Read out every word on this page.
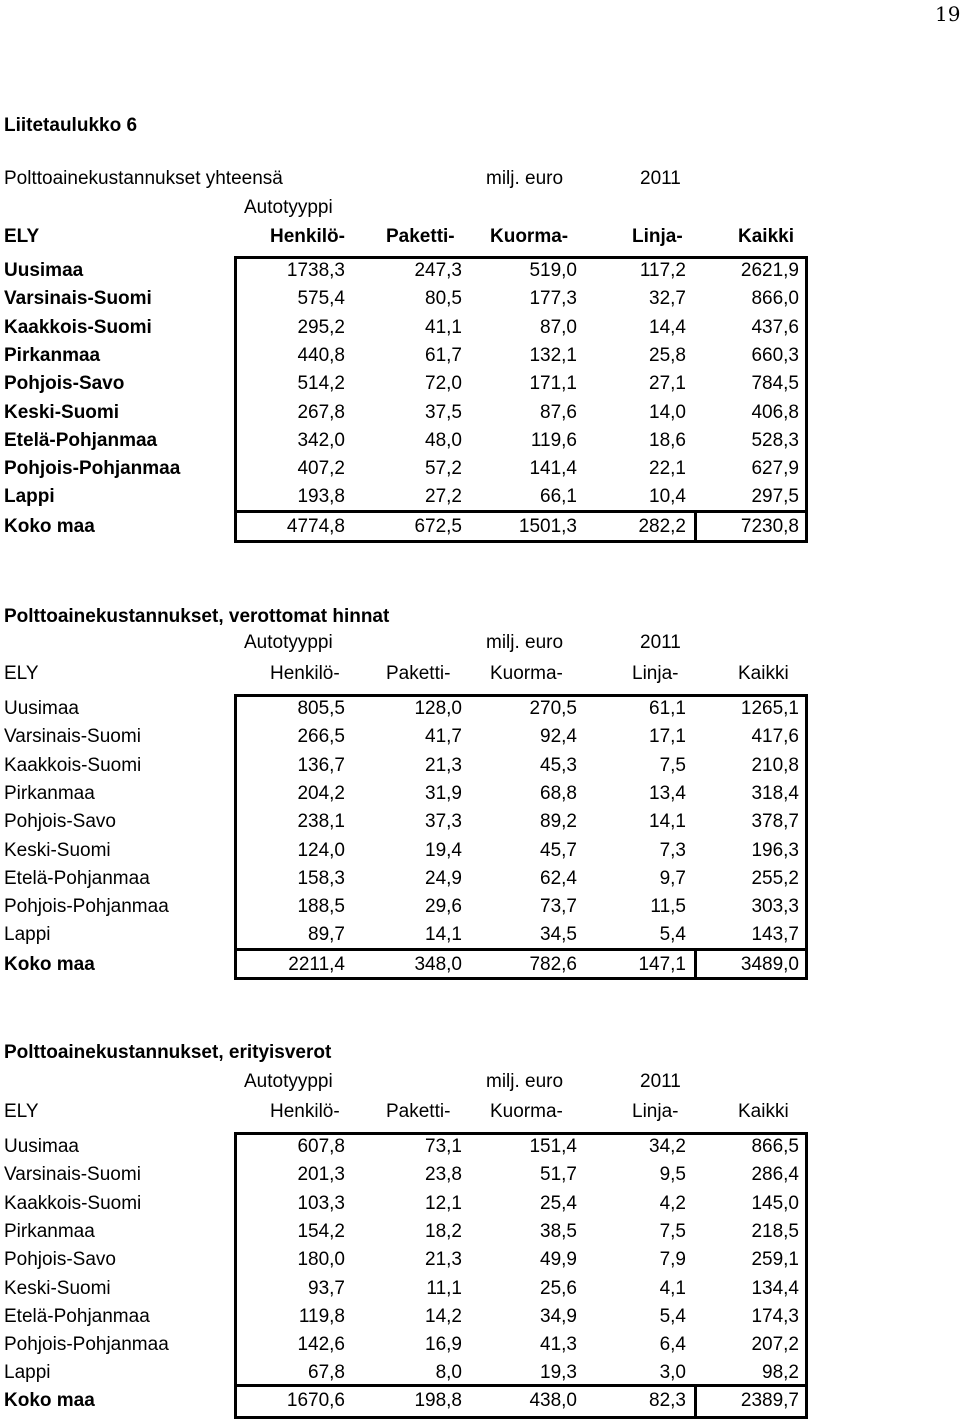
19
Liitetaulukko 6
Polttoainekustannukset yhteensä	milj. euro	2011
Autotyyppi
ELY	Henkilö- Paketti- Kuorma-	Linja-	Kaikki
Uusimaa	1738,3	247,3	519,0	117,2	2621,9
Varsinais-Suomi	575,4	80,5	177,3	32,7	866,0
Kaakkois-Suomi	295,2	41,1	87,0	14,4	437,6
Pirkanmaa	440,8	61,7	132,1	25,8	660,3
Pohjois-Savo	514,2	72,0	171,1	27,1	784,5
Keski-Suomi	267,8	37,5	87,6	14,0	406,8
Etelä-Pohjanmaa	342,0	48,0	119,6	18,6	528,3
Pohjois-Pohjanmaa	407,2	57,2	141,4	22,1	627,9
Lappi	193,8	27,2	66,1	10,4	297,5
Koko maa	4774,8	672,5	1501,3	282,2	7230,8
Polttoainekustannukset, verottomat hinnat
Autotyyppi	milj. euro	2011
ELY	Henkilö- Paketti- Kuorma-	Linja-	Kaikki
Uusimaa	805,5	128,0	270,5	61,1	1265,1
Varsinais-Suomi	266,5	41,7	92,4	17,1	417,6
Kaakkois-Suomi	136,7	21,3	45,3	7,5	210,8
Pirkanmaa	204,2	31,9	68,8	13,4	318,4
Pohjois-Savo	238,1	37,3	89,2	14,1	378,7
Keski-Suomi	124,0	19,4	45,7	7,3	196,3
Etelä-Pohjanmaa	158,3	24,9	62,4	9,7	255,2
Pohjois-Pohjanmaa	188,5	29,6	73,7	11,5	303,3
Lappi	89,7	14,1	34,5	5,4	143,7
Koko maa	2211,4	348,0	782,6	147,1	3489,0
Polttoainekustannukset, erityisverot
Autotyyppi	milj. euro	2011
ELY	Henkilö- Paketti- Kuorma-	Linja-	Kaikki
Uusimaa	607,8	73,1	151,4	34,2	866,5
Varsinais-Suomi	201,3	23,8	51,7	9,5	286,4
Kaakkois-Suomi	103,3	12,1	25,4	4,2	145,0
Pirkanmaa	154,2	18,2	38,5	7,5	218,5
Pohjois-Savo	180,0	21,3	49,9	7,9	259,1
Keski-Suomi	93,7	11,1	25,6	4,1	134,4
Etelä-Pohjanmaa	119,8	14,2	34,9	5,4	174,3
Pohjois-Pohjanmaa	142,6	16,9	41,3	6,4	207,2
Lappi	67,8	8,0	19,3	3,0	98,2
Koko maa	1670,6	198,8	438,0	82,3	2389,7
